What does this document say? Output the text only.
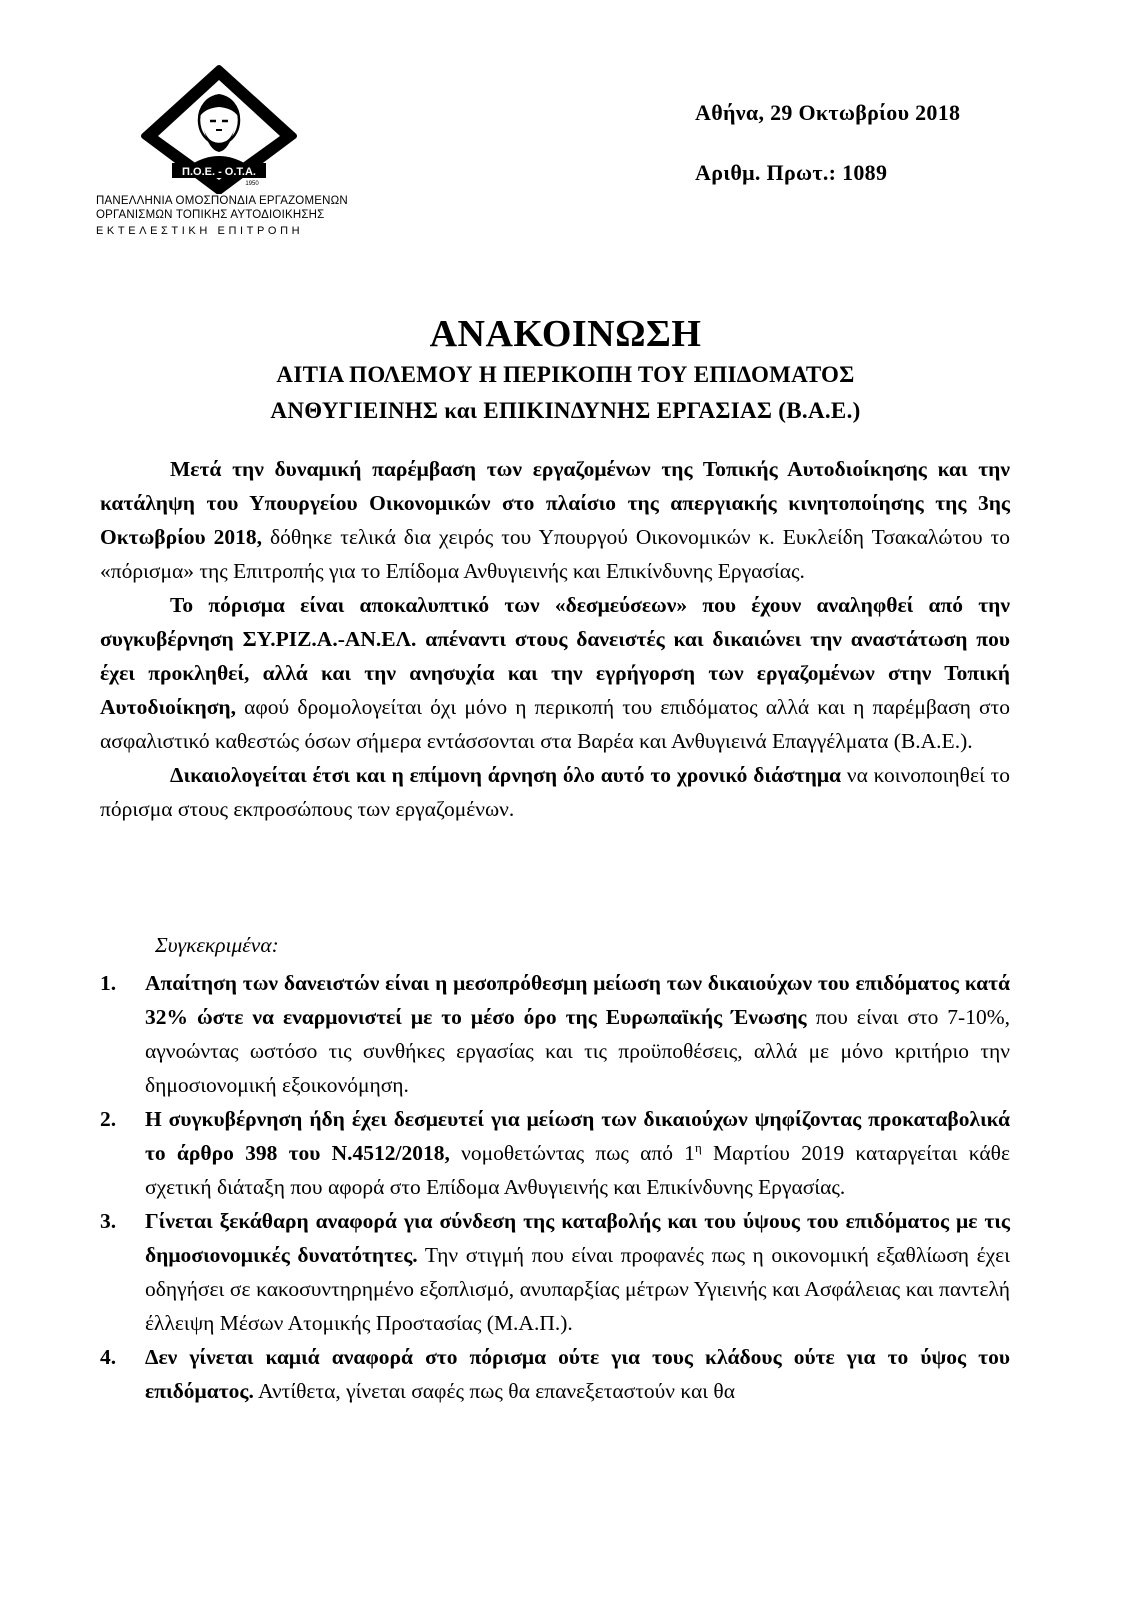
Π.Ο.Ε. - Ο.Τ.Α.
1950
ΠΑΝΕΛΛΗΝΙΑ ΟΜΟΣΠΟΝΔΙΑ ΕΡΓΑΖΟΜΕΝΩΝ
ΟΡΓΑΝΙΣΜΩΝ ΤΟΠΙΚΗΣ ΑΥΤΟΔΙΟΙΚΗΣΗΣ
ΕΚΤΕΛΕΣΤΙΚΗ ΕΠΙΤΡΟΠΗ
Αθήνα, 29 Οκτωβρίου 2018
Αριθμ. Πρωτ.: 1089
ΑΝΑΚΟΙΝΩΣΗ
ΑΙΤΙΑ ΠΟΛΕΜΟΥ Η ΠΕΡΙΚΟΠΗ ΤΟΥ ΕΠΙΔΟΜΑΤΟΣ
ΑΝΘΥΓΙΕΙΝΗΣ και ΕΠΙΚΙΝΔΥΝΗΣ ΕΡΓΑΣΙΑΣ (Β.Α.Ε.)

Μετά την δυναμική παρέμβαση των εργαζομένων της Τοπικής Αυτοδιοίκησης και την κατάληψη του Υπουργείου Οικονομικών στο πλαίσιο της απεργιακής κινητοποίησης της 3ης Οκτωβρίου 2018, δόθηκε τελικά δια χειρός του Υπουργού Οικονομικών κ. Ευκλείδη Τσακαλώτου το «πόρισμα» της Επιτροπής για το Επίδομα Ανθυγιεινής και Επικίνδυνης Εργασίας.

Το πόρισμα είναι αποκαλυπτικό των «δεσμεύσεων» που έχουν αναληφθεί από την συγκυβέρνηση ΣΥ.ΡΙΖ.Α.-ΑΝ.ΕΛ. απέναντι στους δανειστές και δικαιώνει την αναστάτωση που έχει προκληθεί, αλλά και την ανησυχία και την εγρήγορση των εργαζομένων στην Τοπική Αυτοδιοίκηση, αφού δρομολογείται όχι μόνο η περικοπή του επιδόματος αλλά και η παρέμβαση στο ασφαλιστικό καθεστώς όσων σήμερα εντάσσονται στα Βαρέα και Ανθυγιεινά Επαγγέλματα (Β.Α.Ε.).

Δικαιολογείται έτσι και η επίμονη άρνηση όλο αυτό το χρονικό διάστημα να κοινοποιηθεί το πόρισμα στους εκπροσώπους των εργαζομένων.

Συγκεκριμένα:
1. Απαίτηση των δανειστών είναι η μεσοπρόθεσμη μείωση των δικαιούχων του επιδόματος κατά 32% ώστε να εναρμονιστεί με το μέσο όρο της Ευρωπαϊκής Ένωσης που είναι στο 7-10%, αγνοώντας ωστόσο τις συνθήκες εργασίας και τις προϋποθέσεις, αλλά με μόνο κριτήριο την δημοσιονομική εξοικονόμηση.
2. Η συγκυβέρνηση ήδη έχει δεσμευτεί για μείωση των δικαιούχων ψηφίζοντας προκαταβολικά το άρθρο 398 του Ν.4512/2018, νομοθετώντας πως από $1^\eta$ Μαρτίου 2019 καταργείται κάθε σχετική διάταξη που αφορά στο Επίδομα Ανθυγιεινής και Επικίνδυνης Εργασίας.
3. Γίνεται ξεκάθαρη αναφορά για σύνδεση της καταβολής και του ύψους του επιδόματος με τις δημοσιονομικές δυνατότητες. Την στιγμή που είναι προφανές πως η οικονομική εξαθλίωση έχει οδηγήσει σε κακοσυντηρημένο εξοπλισμό, ανυπαρξίας μέτρων Υγιεινής και Ασφάλειας και παντελή έλλειψη Μέσων Ατομικής Προστασίας (Μ.Α.Π.).
4. Δεν γίνεται καμιά αναφορά στο πόρισμα ούτε για τους κλάδους ούτε για το ύψος του επιδόματος. Αντίθετα, γίνεται σαφές πως θα επανεξεταστούν και θα
